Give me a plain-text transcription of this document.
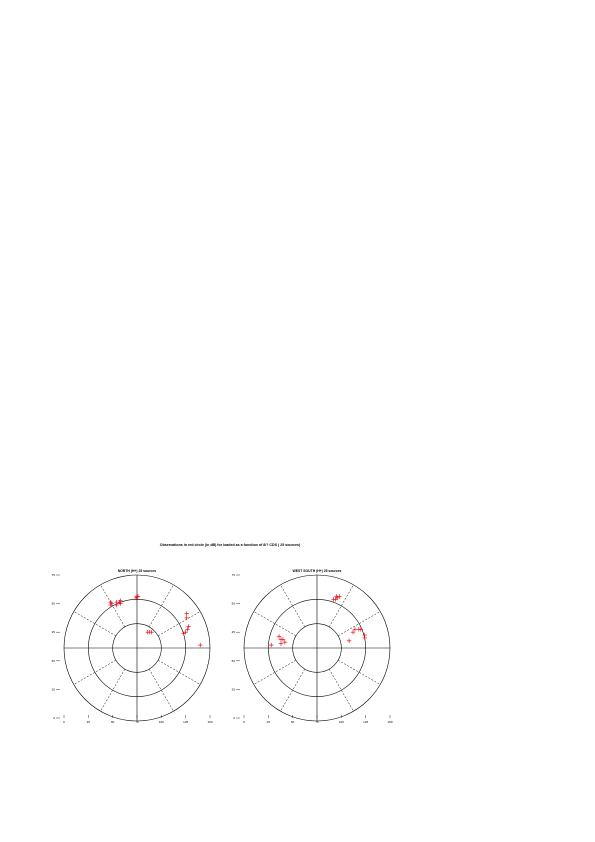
Observations in red circle (in dB) for loaded as a function of 8/? CDS ( 25 sources)
NORTH (H+) 25 sources
75
50
25
50
25
0
0	25	50	75	100	125	150
WEST SOUTH (H+) 25 sources
75
50
25
50
25
0
0	25	50	75	100	125	150
